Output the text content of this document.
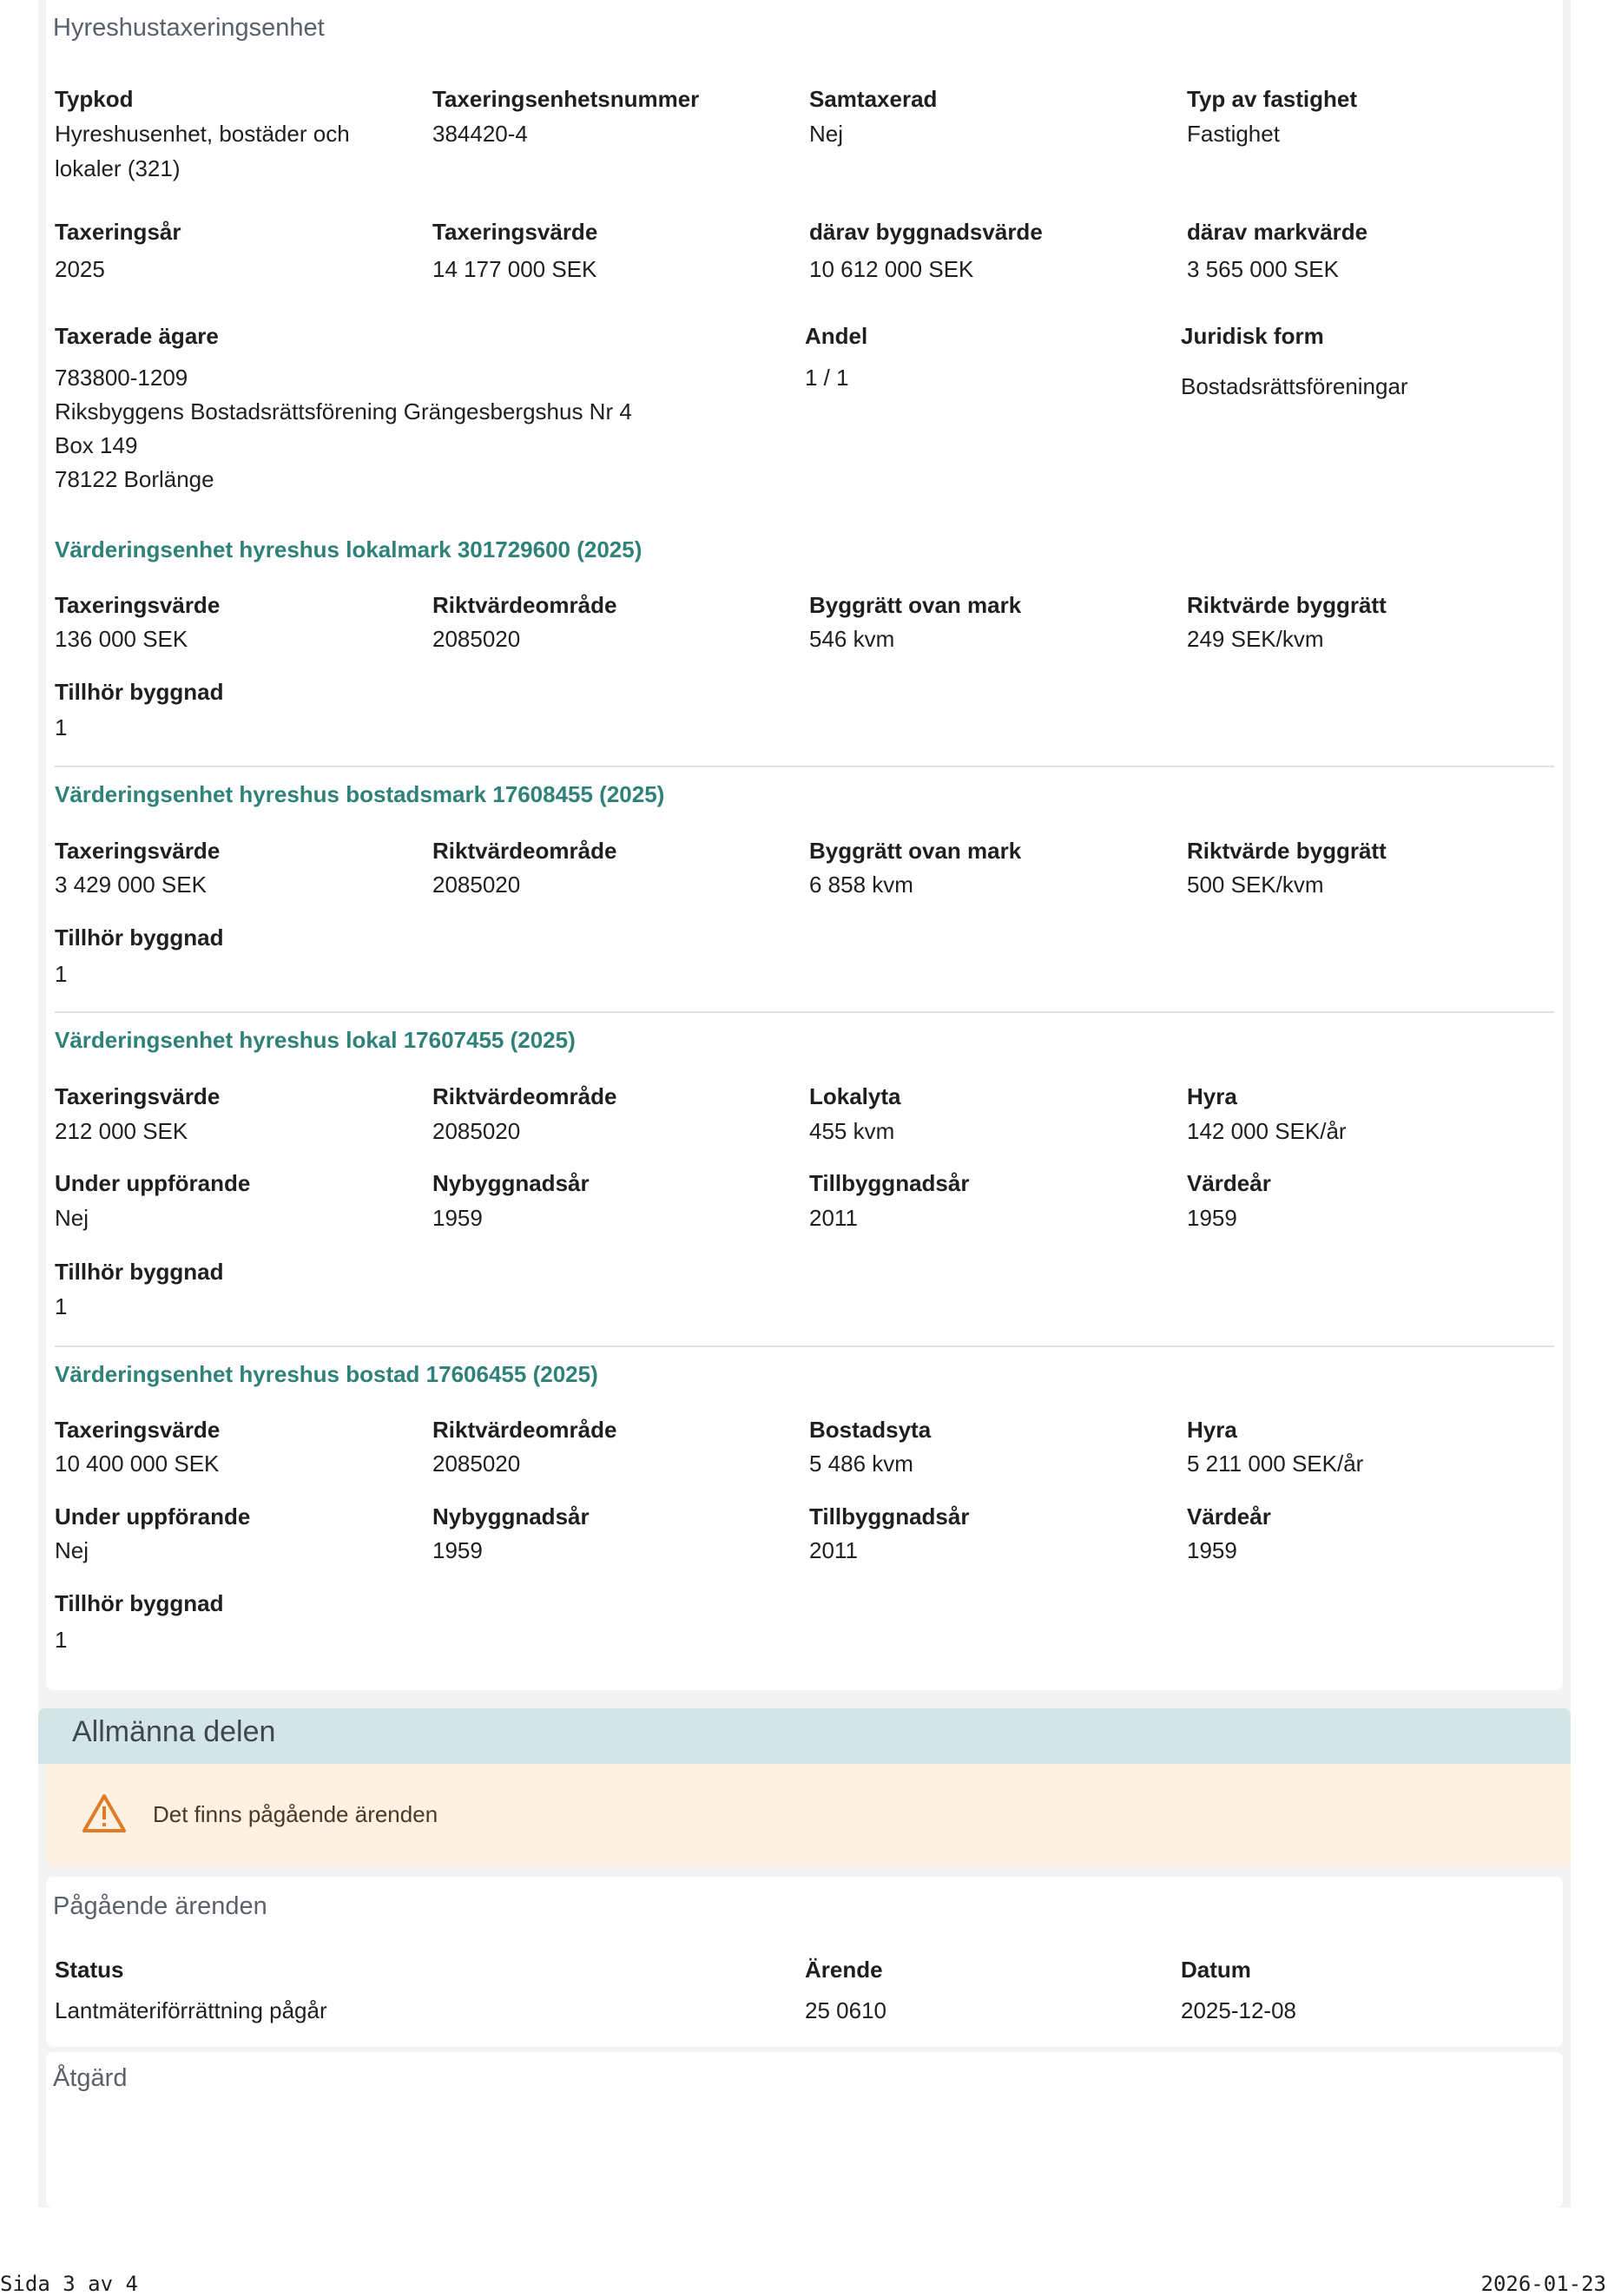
Hyreshustaxeringsenhet
Typkod
Hyreshusenhet, bostäder och lokaler (321)
Taxeringsenhetsnummer
384420-4
Samtaxerad
Nej
Typ av fastighet
Fastighet
Taxeringsår
2025
Taxeringsvärde
14 177 000 SEK
därav byggnadsvärde
10 612 000 SEK
därav markvärde
3 565 000 SEK
Taxerade ägare
783800-1209
Riksbyggens Bostadsrättsförening Grängesbergshus Nr 4
Box 149
78122 Borlänge
Andel
1 / 1
Juridisk form
Bostadsrättsföreningar
Värderingsenhet hyreshus lokalmark 301729600 (2025)
Taxeringsvärde
136 000 SEK
Riktvärdeområde
2085020
Byggrätt ovan mark
546 kvm
Riktvärde byggrätt
249 SEK/kvm
Tillhör byggnad
1
Värderingsenhet hyreshus bostadsmark 17608455 (2025)
Taxeringsvärde
3 429 000 SEK
Riktvärdeområde
2085020
Byggrätt ovan mark
6 858 kvm
Riktvärde byggrätt
500 SEK/kvm
Tillhör byggnad
1
Värderingsenhet hyreshus lokal 17607455 (2025)
Taxeringsvärde
212 000 SEK
Riktvärdeområde
2085020
Lokalyta
455 kvm
Hyra
142 000 SEK/år
Under uppförande
Nej
Nybyggnadsår
1959
Tillbyggnadsår
2011
Värdeår
1959
Tillhör byggnad
1
Värderingsenhet hyreshus bostad 17606455 (2025)
Taxeringsvärde
10 400 000 SEK
Riktvärdeområde
2085020
Bostadsyta
5 486 kvm
Hyra
5 211 000 SEK/år
Under uppförande
Nej
Nybyggnadsår
1959
Tillbyggnadsår
2011
Värdeår
1959
Tillhör byggnad
1
Allmänna delen
Det finns pågående ärenden
Pågående ärenden
Status
Lantmäteriförrättning pågår
Ärende
25 0610
Datum
2025-12-08
Åtgärd
Sida 3 av 4	2026-01-23
